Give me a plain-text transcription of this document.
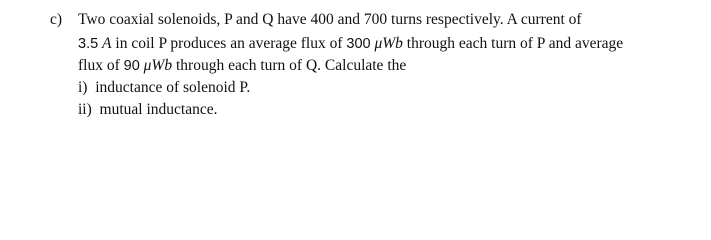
c) Two coaxial solenoids, P and Q have 400 and 700 turns respectively. A current of
3.5 A in coil P produces an average flux of 300 μWb through each turn of P and average
flux of 90 μWb through each turn of Q. Calculate the
i) inductance of solenoid P.
ii) mutual inductance.
